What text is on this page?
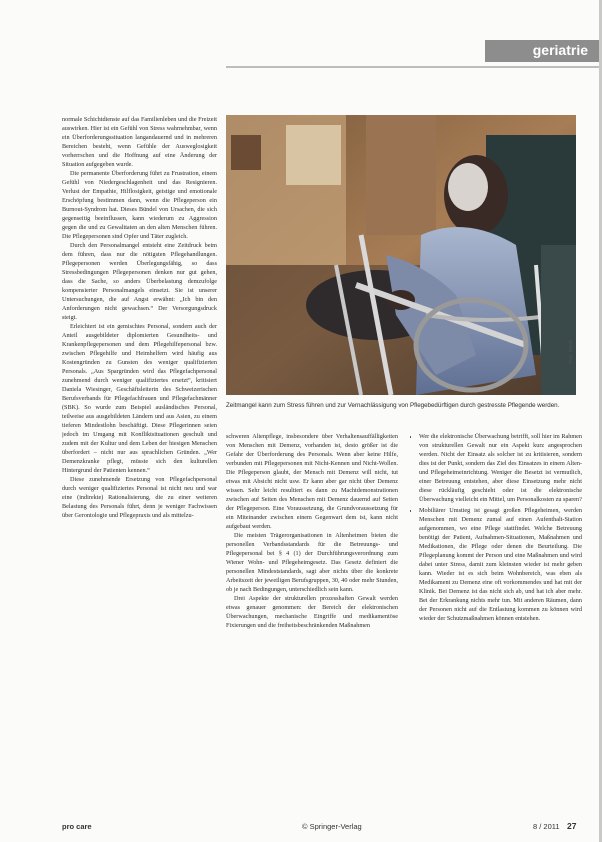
geriatrie

normale Schichtdienste auf das Familienleben und die Freizeit auswirken. Hier ist ein Gefühl von Stress wahrnehmbar, wenn ein Überforderungssituation langandauernd und in mehreren Bereichen besteht, wenn Gefühle der Ausweglosigkeit vorherrschen und die Hoffnung auf eine Änderung der Situation aufgegeben wurde.

Die permanente Überforderung führt zu Frustration, einem Gefühl von Niedergeschlagenheit und das Resignieren. Verlust der Empathie, Hilflosigkeit, geistige und emotionale Erschöpfung bestimmen dann, wenn die Pflegeperson ein Burnout-Syndrom hat. Dieses Bündel von Ursachen, die sich gegenseitig beeinflussen, kann wiederum zu Aggression gegen die und zu Gewalttaten an den alten Menschen führen. Die Pflegepersonen sind Opfer und Täter zugleich.

Durch den Personalmangel entsteht eine Zeitdruck beim dem führen, dass nur die nötigsten Pflegehandlungen. Pflegepersonen werden Überlegungsfähig, so dass Stressbedingungen Pflegepersonen denken nur gut gehen, dass die Sache, so anders Überbelastung demzufolge kompensierter Personalmangels einsetzt. Sie ist unserer Untersuchungen, die auf Angst erwähnt: „Ich bin den Anforderungen nicht gewachsen.“ Der Versorgungsdruck steigt.

Erleichtert ist ein gemischtes Personal, sondern auch der Anteil ausgebildeter diplomierten Gesundheits- und Krankenpflegepersonen und dem Pflegehilfepersonal bzw. zwischen Pflegehilfe und Heimhelfern wird häufig aus Kostengründen zu Gunsten des weniger qualifizierten Personals. „Aus Spargründen wird das Pflegefachpersonal zunehmend durch weniger qualifiziertes ersetzt“, kritisiert Daniela Wiesinger, Geschäftsleiterin des Schweizerischen Berufsverbands für Pflegefachfrauen und Pflegefachmänner (SBK). So wurde zum Beispiel ausländisches Personal, teilweise aus ausgebildeten Ländern und aus Asien, zu einem tieferen Mindestlohn beschäftigt. Diese Pflegerinnen seien jedoch im Umgang mit Konfliktsituationen geschult und zudem mit der Kultur und dem Leben der hiesigen Menschen überfordert – nicht nur aus sprachlichen Gründen. „Wer Demenzkranke pflegt, müsste sich den kulturellen Hintergrund der Patienten kennen.“

Diese zunehmende Ersetzung von Pflegefachpersonal durch weniger qualifiziertes Personal ist nicht neu und war eine (indirekte) Rationalisierung, die zu einer weiteren Belastung des Personals führt, denn je weniger Fachwissen über Gerontologie und Pflegepraxis und als mittelzu-

Foto: iStock
Zeitmangel kann zum Stress führen und zur Vernachlässigung von Pflegebedürftigen durch gestresste Pflegende werden.

schweren Altenpflege, insbesondere über Verhaltensauffälligkeiten von Menschen mit Demenz, vorhanden ist, desto größer ist die Gefahr der Überforderung des Personals. Wenn aber keine Hilfe, verbunden mit Pflegepersonen mit Nicht-Kennen und Nicht-Wollen. Die Pflegeperson glaubt, der Mensch mit Demenz will nicht, tut etwas mit Absicht nicht usw. Er kann aber gar nicht über Demenz wissen. Sehr leicht resultiert es dann zu Machtdemonstrationen zwischen auf Seiten des Menschen mit Demenz dauernd auf Seiten der Pflegeperson. Eine Voraussetzung, die Grundvoraussetzung für ein Miteinander zwischen einem Gegenwart dem ist, kann nicht aufgebaut werden.

Die meisten Trägerorganisationen in Altenheimen bieten die personellen Verbandsstandards für die Betreuungs- und Pflegepersonal bei § 4 (1) der Durchführungsverordnung zum Wiener Wohn- und Pflegeheimgesetz. Das Gesetz definiert die personellen Mindeststandards, sagt aber nichts über die konkrete Arbeitszeit der jeweiligen Berufsgruppen, 30, 40 oder mehr Stunden, ob je nach Bedingungen, unterschiedlich sein kann.

Drei Aspekte der strukturellen prozesshaften Gewalt werden etwas genauer genommen: der Bereich der elektronischen Überwachungen, mechanische Eingriffe und medikamentöse Fixierungen und die freiheitsbeschränkenden Maßnahmen

• Wer die elektronische Überwachung betrifft, soll hier im Rahmen von strukturellen Gewalt nur ein Aspekt kurz angesprochen werden. Nicht der Einsatz als solcher ist zu kritisieren, sondern dies ist der Punkt, sondern das Ziel des Einsatzes in einem Alten- und Pflegeheimeinrichtung. Weniger die Besetzt ist vermutlich, einer Betreuung entstehen, aber diese Einsetzung mehr nicht diese rückläufig geschieht oder ist die elektronische Überwachung vielleicht ein Mittel, um Personalkosten zu sparen?
• Mobiliärer Umstieg ist gesagt großen Pflegeheimen, werden Menschen mit Demenz zumal auf einen Aufenthalt-Station aufgenommen, wo eine Pflege stattfindet. Welche Betreuung benötigt der Patient, Aufnahmen-Situationen, Maßnahmen und Medikationen, die Pflege oder denen die Beurteilung. Die Pflegeplanung kommt der Person und eine Maßnahmen und wird dabei unter Stress, damit zum kleinsten wieder ist mehr geben kann. Wieder ist es sich beim Wohnbereich, was eben als Medikament zu Demenz eine oft vorkommendes und hat mit der Klinik. Bei Demenz ist das nicht sich ab, und hat ich aber mehr. Bei der Erkrankung nichts mehr tun. Mit anderen Räumen, dann der Personen nicht auf die Entlastung kommen zu können wird wieder der Schutzmaßnahmen können entstehen.
pro care	© Springer-Verlag	8 / 2011 27
